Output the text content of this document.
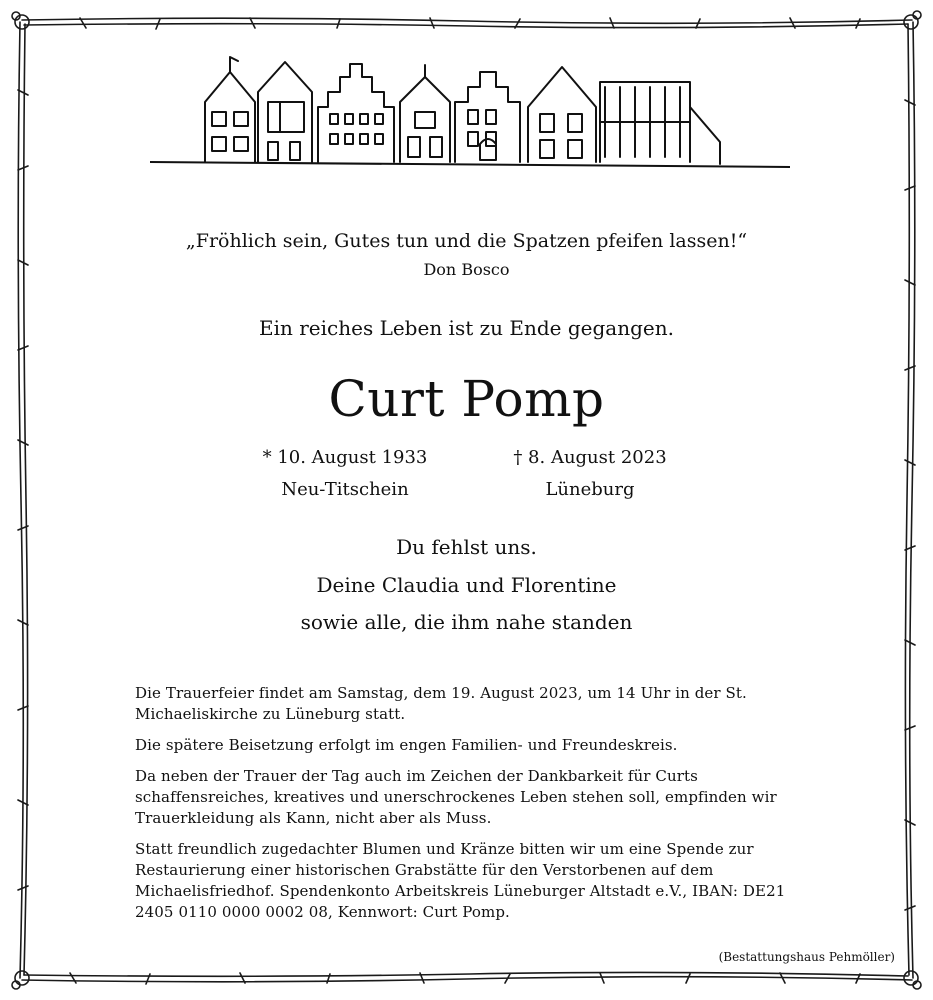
„Fröhlich sein, Gutes tun und die Spatzen pfeifen lassen!“
Don Bosco
Ein reiches Leben ist zu Ende gegangen.
Curt Pomp
* 10. August 1933
Neu-Titschein
† 8. August 2023
Lüneburg
Du fehlst uns.
Deine Claudia und Florentine
sowie alle, die ihm nahe standen

Die Trauerfeier findet am Samstag, dem 19. August 2023, um 14 Uhr in der St. Michaeliskirche zu Lüneburg statt.

Die spätere Beisetzung erfolgt im engen Familien- und Freundeskreis.

Da neben der Trauer der Tag auch im Zeichen der Dankbarkeit für Curts schaffensreiches, kreatives und unerschrockenes Leben stehen soll, empfinden wir Trauerkleidung als Kann, nicht aber als Muss.

Statt freundlich zugedachter Blumen und Kränze bitten wir um eine Spende zur Restaurierung einer historischen Grabstätte für den Verstorbenen auf dem Michaelisfriedhof. Spendenkonto Arbeitskreis Lüneburger Altstadt e.V., IBAN: DE21 2405 0110 0000 0002 08, Kennwort: Curt Pomp.

(Bestattungshaus Pehmöller)
